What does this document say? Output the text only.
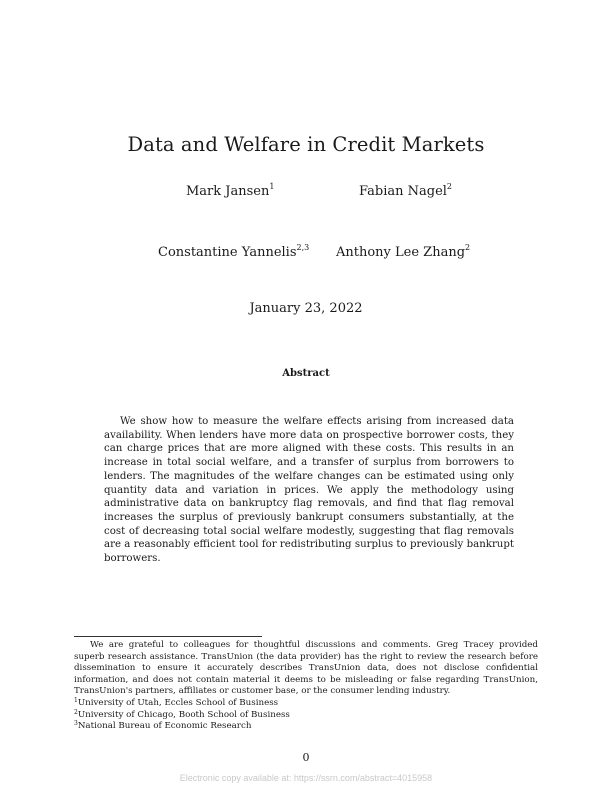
Data and Welfare in Credit Markets
Mark Jansen$^1$	Fabian Nagel$^2$
Constantine Yannelis$^{2,3}$ Anthony Lee Zhang$^2$
January 23, 2022
Abstract

We show how to measure the welfare effects arising from increased data availability. When lenders have more data on prospective borrower costs, they can charge prices that are more aligned with these costs. This results in an increase in total social welfare, and a transfer of surplus from borrowers to lenders. The magnitudes of the welfare changes can be estimated using only quantity data and variation in prices. We apply the methodology using administrative data on bankruptcy flag removals, and find that flag removal increases the surplus of previously bankrupt consumers substantially, at the cost of decreasing total social welfare modestly, suggesting that flag removals are a reasonably efficient tool for redistributing surplus to previously bankrupt borrowers.

We are grateful to colleagues for thoughtful discussions and comments. Greg Tracey provided superb research assistance. TransUnion (the data provider) has the right to review the research before dissemination to ensure it accurately describes TransUnion data, does not disclose confidential information, and does not contain material it deems to be misleading or false regarding TransUnion, TransUnion's partners, affiliates or customer base, or the consumer lending industry.

$^1$University of Utah, Eccles School of Business

$^2$University of Chicago, Booth School of Business

$^3$National Bureau of Economic Research

0
Electronic copy available at: https://ssrn.com/abstract=4015958
